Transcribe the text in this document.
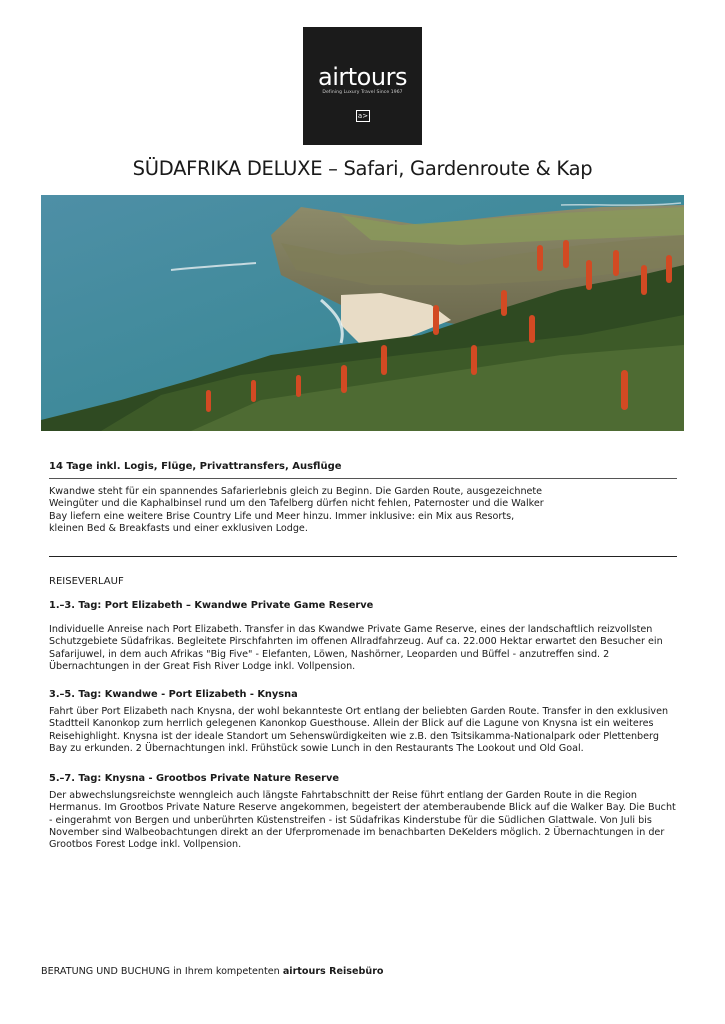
airtours
Defining Luxury Travel Since 1967
a>
SÜDAFRIKA DELUXE – Safari, Gardenroute & Kap
14 Tage inkl. Logis, Flüge, Privattransfers, Ausflüge
Kwandwe steht für ein spannendes Safarierlebnis gleich zu Beginn. Die Garden Route, ausgezeichnete Weingüter und die Kaphalbinsel rund um den Tafelberg dürfen nicht fehlen, Paternoster und die Walker Bay liefern eine weitere Brise Country Life und Meer hinzu. Immer inklusive: ein Mix aus Resorts, kleinen Bed & Breakfasts und einer exklusiven Lodge.
REISEVERLAUF
1.–3. Tag: Port Elizabeth – Kwandwe Private Game Reserve
Individuelle Anreise nach Port Elizabeth. Transfer in das Kwandwe Private Game Reserve, eines der landschaftlich reizvollsten Schutzgebiete Südafrikas. Begleitete Pirschfahrten im offenen Allradfahrzeug. Auf ca. 22.000 Hektar erwartet den Besucher ein Safarijuwel, in dem auch Afrikas "Big Five" - Elefanten, Löwen, Nashörner, Leoparden und Büffel - anzutreffen sind. 2 Übernachtungen in der Great Fish River Lodge inkl. Vollpension.
3.–5. Tag: Kwandwe - Port Elizabeth - Knysna
Fahrt über Port Elizabeth nach Knysna, der wohl bekannteste Ort entlang der beliebten Garden Route. Transfer in den exklusiven Stadtteil Kanonkop zum herrlich gelegenen Kanonkop Guesthouse. Allein der Blick auf die Lagune von Knysna ist ein weiteres Reisehighlight. Knysna ist der ideale Standort um Sehenswürdigkeiten wie z.B. den Tsitsikamma-Nationalpark oder Plettenberg Bay zu erkunden. 2 Übernachtungen inkl. Frühstück sowie Lunch in den Restaurants The Lookout und Old Goal.
5.–7. Tag: Knysna - Grootbos Private Nature Reserve
Der abwechslungsreichste wenngleich auch längste Fahrtabschnitt der Reise führt entlang der Garden Route in die Region Hermanus. Im Grootbos Private Nature Reserve angekommen, begeistert der atemberaubende Blick auf die Walker Bay. Die Bucht - eingerahmt von Bergen und unberührten Küstenstreifen - ist Südafrikas Kinderstube für die Südlichen Glattwale. Von Juli bis November sind Walbeobachtungen direkt an der Uferpromenade im benachbarten DeKelders möglich. 2 Übernachtungen in der Grootbos Forest Lodge inkl. Vollpension.
BERATUNG UND BUCHUNG in Ihrem kompetenten airtours Reisebüro
